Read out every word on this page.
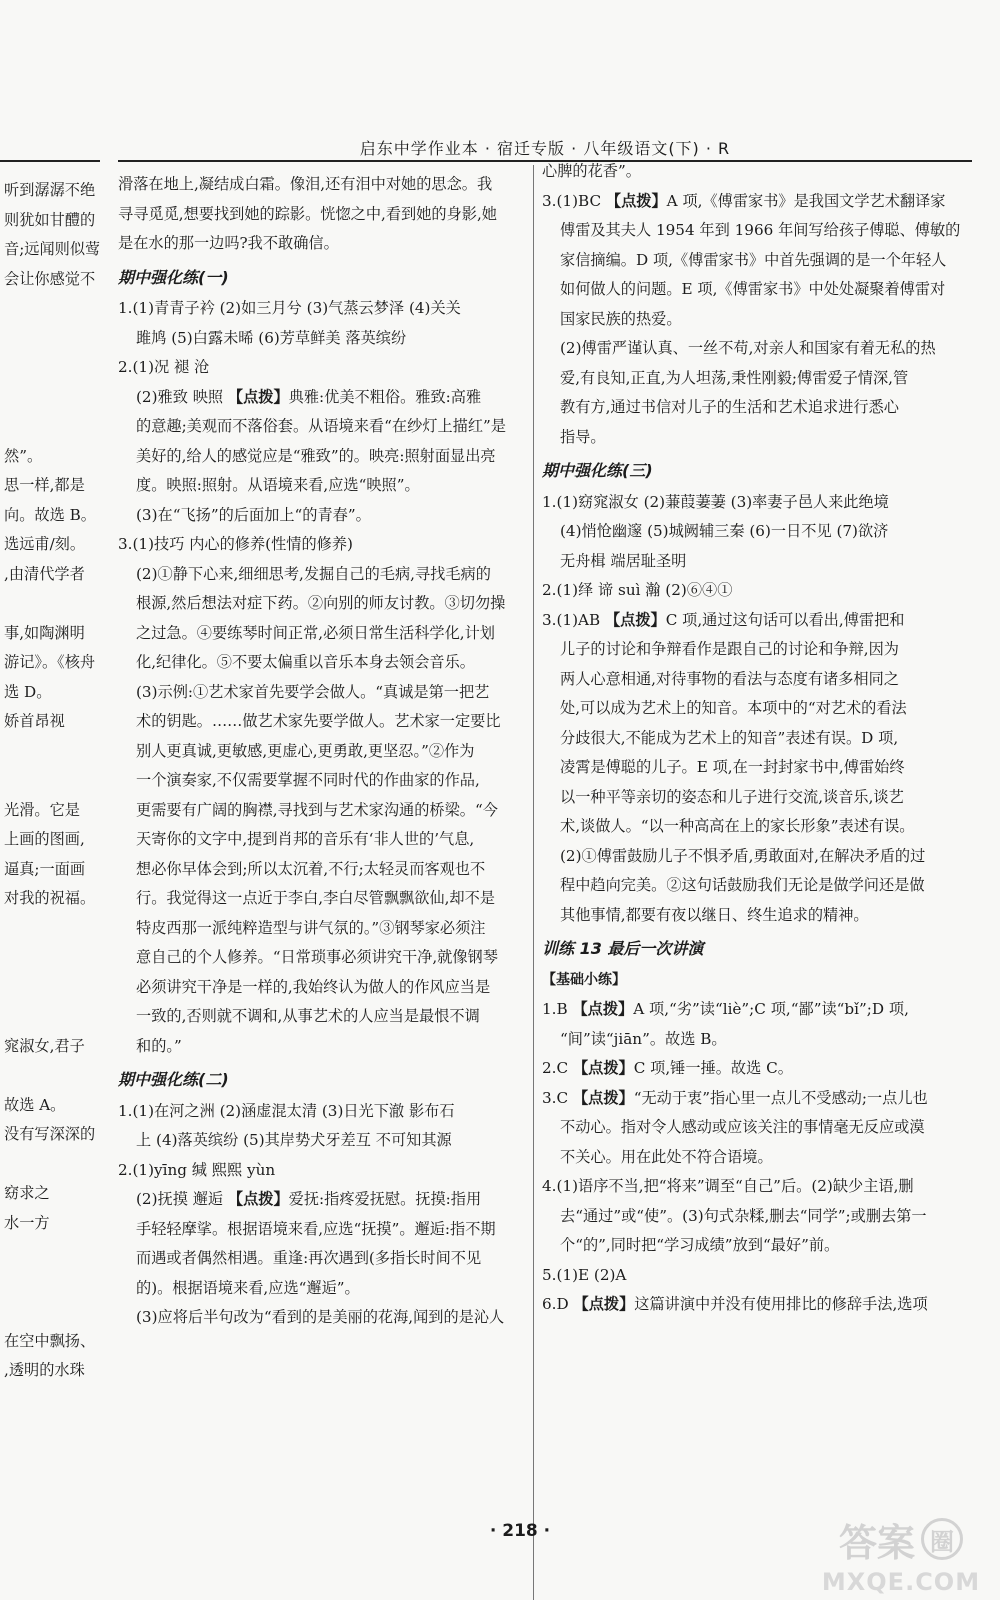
启东中学作业本 · 宿迁专版 · 八年级语文(下) · R

听到潺潺不绝

则犹如甘醴的

音;远闻则似莺

会让你感觉不

然”。

思一样,都是

向。故选 B。

选远甫/刻。

,由清代学者

事,如陶渊明

游记》。《核舟

选 D。

娇首昂视

光滑。它是

上画的图画,

逼真;一面画

对我的祝福。

窕淑女,君子

故选 A。

没有写深深的

窈求之

水一方

在空中飘扬、

,透明的水珠

滑落在地上,凝结成白霜。像泪,还有泪中对她的思念。我

寻寻觅觅,想要找到她的踪影。恍惚之中,看到她的身影,她

是在水的那一边吗?我不敢确信。

期中强化练(一)

1.(1)青青子衿 (2)如三月兮 (3)气蒸云梦泽 (4)关关

雎鸠 (5)白露未晞 (6)芳草鲜美 落英缤纷

2.(1)况 褪 沧

(2)雅致 映照 【点拨】典雅:优美不粗俗。雅致:高雅

的意趣;美观而不落俗套。从语境来看“在纱灯上描红”是

美好的,给人的感觉应是“雅致”的。映亮:照射面显出亮

度。映照:照射。从语境来看,应选“映照”。

(3)在“飞扬”的后面加上“的青春”。

3.(1)技巧 内心的修养(性情的修养)

(2)①静下心来,细细思考,发掘自己的毛病,寻找毛病的

根源,然后想法对症下药。②向别的师友讨教。③切勿操

之过急。④要练琴时间正常,必须日常生活科学化,计划

化,纪律化。⑤不要太偏重以音乐本身去领会音乐。

(3)示例:①艺术家首先要学会做人。“真诚是第一把艺

术的钥匙。……做艺术家先要学做人。艺术家一定要比

别人更真诚,更敏感,更虚心,更勇敢,更坚忍。”②作为

一个演奏家,不仅需要掌握不同时代的作曲家的作品,

更需要有广阔的胸襟,寻找到与艺术家沟通的桥梁。“今

天寄你的文字中,提到肖邦的音乐有‘非人世的’气息,

想必你早体会到;所以太沉着,不行;太轻灵而客观也不

行。我觉得这一点近于李白,李白尽管飘飘欲仙,却不是

特皮西那一派纯粹造型与讲气氛的。”③钢琴家必须注

意自己的个人修养。“日常琐事必须讲究干净,就像钢琴

必须讲究干净是一样的,我始终认为做人的作风应当是

一致的,否则就不调和,从事艺术的人应当是最恨不调

和的。”

期中强化练(二)

1.(1)在河之洲 (2)涵虚混太清 (3)日光下澈 影布石

上 (4)落英缤纷 (5)其岸势犬牙差互 不可知其源

2.(1)yīng 缄 熙熙 yùn

(2)抚摸 邂逅 【点拨】爱抚:指疼爱抚慰。抚摸:指用

手轻轻摩挲。根据语境来看,应选“抚摸”。邂逅:指不期

而遇或者偶然相遇。重逢:再次遇到(多指长时间不见

的)。根据语境来看,应选“邂逅”。

(3)应将后半句改为“看到的是美丽的花海,闻到的是沁人

心脾的花香”。

3.(1)BC 【点拨】A 项,《傅雷家书》是我国文学艺术翻译家

傅雷及其夫人 1954 年到 1966 年间写给孩子傅聪、傅敏的

家信摘编。D 项,《傅雷家书》中首先强调的是一个年轻人

如何做人的问题。E 项,《傅雷家书》中处处凝聚着傅雷对

国家民族的热爱。

(2)傅雷严谨认真、一丝不苟,对亲人和国家有着无私的热

爱,有良知,正直,为人坦荡,秉性刚毅;傅雷爱子情深,管

教有方,通过书信对儿子的生活和艺术追求进行悉心

指导。

期中强化练(三)

1.(1)窈窕淑女 (2)蒹葭萋萋 (3)率妻子邑人来此绝境

(4)悄怆幽邃 (5)城阙辅三秦 (6)一日不见 (7)欲济

无舟楫 端居耻圣明

2.(1)绎 谛 suì 瀚 (2)⑥④①

3.(1)AB 【点拨】C 项,通过这句话可以看出,傅雷把和

儿子的讨论和争辩看作是跟自己的讨论和争辩,因为

两人心意相通,对待事物的看法与态度有诸多相同之

处,可以成为艺术上的知音。本项中的“对艺术的看法

分歧很大,不能成为艺术上的知音”表述有误。D 项,

凌霄是傅聪的儿子。E 项,在一封封家书中,傅雷始终

以一种平等亲切的姿态和儿子进行交流,谈音乐,谈艺

术,谈做人。“以一种高高在上的家长形象”表述有误。

(2)①傅雷鼓励儿子不惧矛盾,勇敢面对,在解决矛盾的过

程中趋向完美。②这句话鼓励我们无论是做学问还是做

其他事情,都要有夜以继日、终生追求的精神。

训练 13 最后一次讲演
【基础小练】

1.B 【点拨】A 项,“劣”读“liè”;C 项,“鄙”读“bǐ”;D 项,

“间”读“jiān”。故选 B。

2.C 【点拨】C 项,锤一捶。故选 C。

3.C 【点拨】“无动于衷”指心里一点儿不受感动;一点儿也

不动心。指对令人感动或应该关注的事情毫无反应或漠

不关心。用在此处不符合语境。

4.(1)语序不当,把“将来”调至“自己”后。(2)缺少主语,删

去“通过”或“使”。(3)句式杂糅,删去“同学”;或删去第一

个“的”,同时把“学习成绩”放到“最好”前。

5.(1)E (2)A

6.D 【点拨】这篇讲演中并没有使用排比的修辞手法,选项

· 218 ·	答案 圈
MXQE.COM
